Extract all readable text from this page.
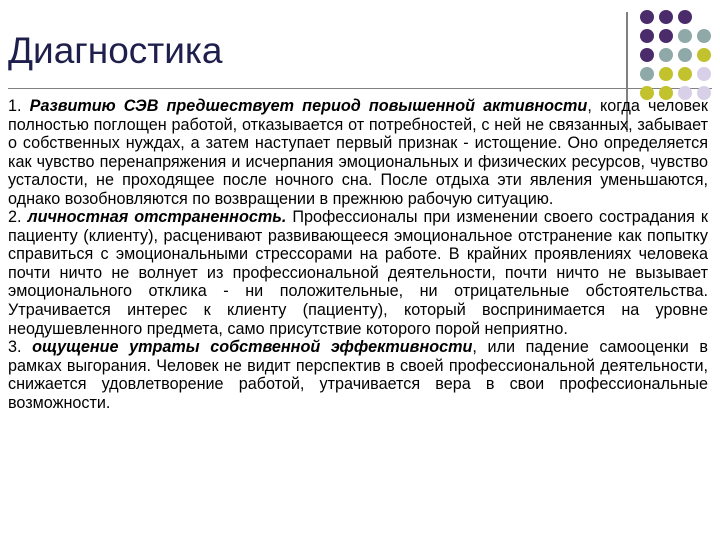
Диагностика

1. Развитию СЭВ предшествует период повышенной активности, когда человек полностью поглощен работой, отказывается от потребностей, с ней не связанных, забывает о собственных нуждах, а затем наступает первый признак - истощение. Оно определяется как чувство перенапряжения и исчерпания эмоциональных и физических ресурсов, чувство усталости, не проходящее после ночного сна. После отдыха эти явления уменьшаются, однако возобновляются по возвращении в прежнюю рабочую ситуацию.

2. личностная отстраненность. Профессионалы при изменении своего сострадания к пациенту (клиенту), расценивают развивающееся эмоциональное отстранение как попытку справиться с эмоциональными стрессорами на работе. В крайних проявлениях человека почти ничто не волнует из профессиональной деятельности, почти ничто не вызывает эмоционального отклика - ни положительные, ни отрицательные обстоятельства. Утрачивается интерес к клиенту (пациенту), который воспринимается на уровне неодушевленного предмета, само присутствие которого порой неприятно.

3. ощущение утраты собственной эффективности, или падение самооценки в рамках выгорания. Человек не видит перспектив в своей профессиональной деятельности, снижается удовлетворение работой, утрачивается вера в свои профессиональные возможности.
